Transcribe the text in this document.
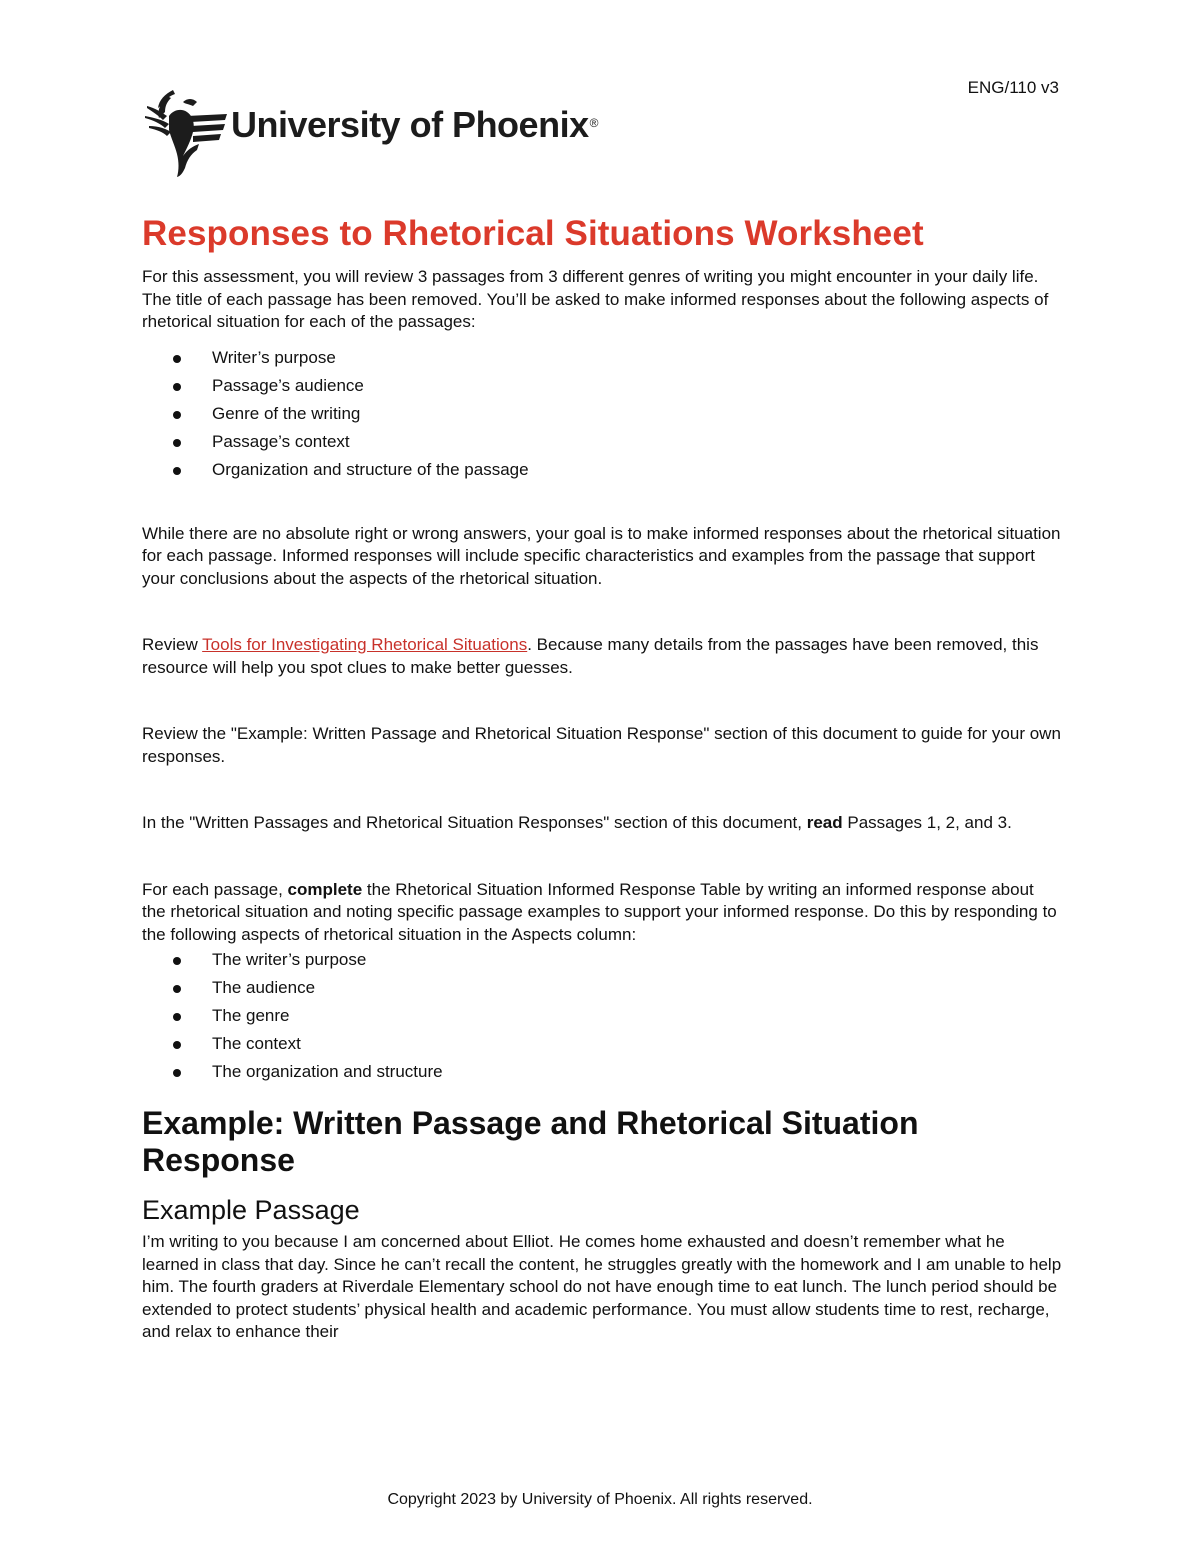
ENG/110 v3
University of Phoenix®
Responses to Rhetorical Situations Worksheet

For this assessment, you will review 3 passages from 3 different genres of writing you might encounter in your daily life. The title of each passage has been removed. You’ll be asked to make informed responses about the following aspects of rhetorical situation for each of the passages:

Writer’s purpose
Passage’s audience
Genre of the writing
Passage’s context
Organization and structure of the passage

While there are no absolute right or wrong answers, your goal is to make informed responses about the rhetorical situation for each passage. Informed responses will include specific characteristics and examples from the passage that support your conclusions about the aspects of the rhetorical situation.

Review Tools for Investigating Rhetorical Situations. Because many details from the passages have been removed, this resource will help you spot clues to make better guesses.

Review the "Example: Written Passage and Rhetorical Situation Response" section of this document to guide for your own responses.

In the "Written Passages and Rhetorical Situation Responses" section of this document, read Passages 1, 2, and 3.

For each passage, complete the Rhetorical Situation Informed Response Table by writing an informed response about the rhetorical situation and noting specific passage examples to support your informed response. Do this by responding to the following aspects of rhetorical situation in the Aspects column:

The writer’s purpose
The audience
The genre
The context
The organization and structure
Example: Written Passage and Rhetorical Situation Response
Example Passage

I’m writing to you because I am concerned about Elliot. He comes home exhausted and doesn’t remember what he learned in class that day. Since he can’t recall the content, he struggles greatly with the homework and I am unable to help him. The fourth graders at Riverdale Elementary school do not have enough time to eat lunch. The lunch period should be extended to protect students’ physical health and academic performance. You must allow students time to rest, recharge, and relax to enhance their

Copyright 2023 by University of Phoenix. All rights reserved.
